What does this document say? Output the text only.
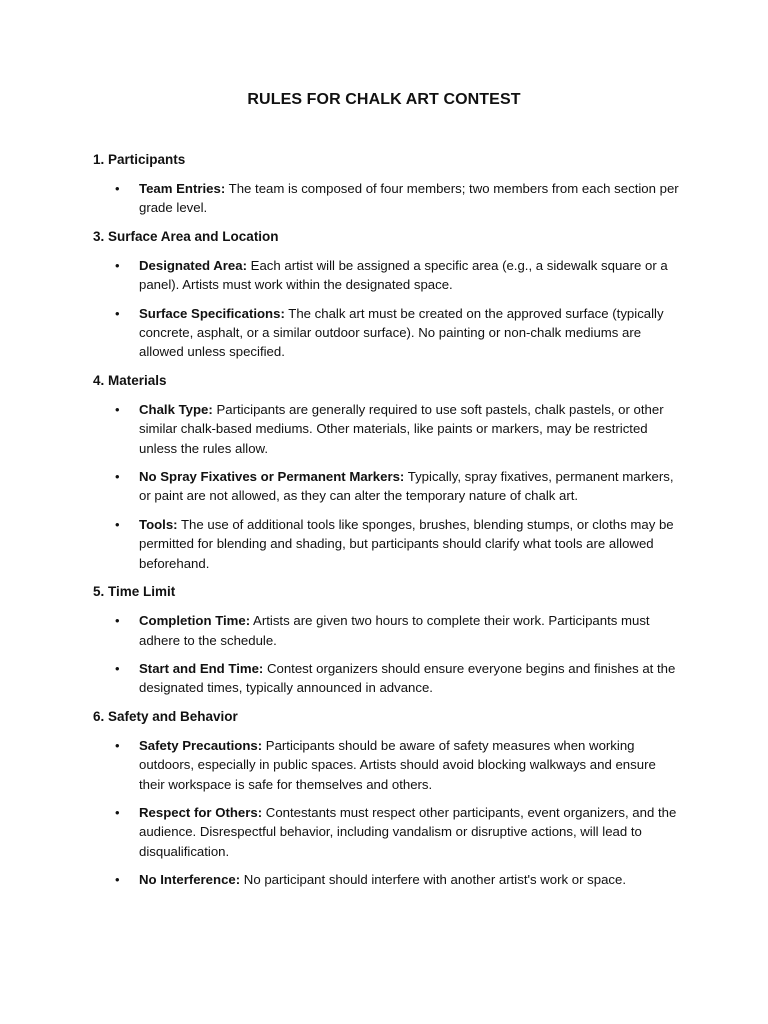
RULES FOR CHALK ART CONTEST

1. Participants

• Team Entries: The team is composed of four members; two members from each section per grade level.

3. Surface Area and Location

• Designated Area: Each artist will be assigned a specific area (e.g., a sidewalk square or a panel). Artists must work within the designated space.
• Surface Specifications: The chalk art must be created on the approved surface (typically concrete, asphalt, or a similar outdoor surface). No painting or non-chalk mediums are allowed unless specified.

4. Materials

• Chalk Type: Participants are generally required to use soft pastels, chalk pastels, or other similar chalk-based mediums. Other materials, like paints or markers, may be restricted unless the rules allow.
• No Spray Fixatives or Permanent Markers: Typically, spray fixatives, permanent markers, or paint are not allowed, as they can alter the temporary nature of chalk art.
• Tools: The use of additional tools like sponges, brushes, blending stumps, or cloths may be permitted for blending and shading, but participants should clarify what tools are allowed beforehand.

5. Time Limit

• Completion Time: Artists are given two hours to complete their work. Participants must adhere to the schedule.
• Start and End Time: Contest organizers should ensure everyone begins and finishes at the designated times, typically announced in advance.

6. Safety and Behavior

• Safety Precautions: Participants should be aware of safety measures when working outdoors, especially in public spaces. Artists should avoid blocking walkways and ensure their workspace is safe for themselves and others.
• Respect for Others: Contestants must respect other participants, event organizers, and the audience. Disrespectful behavior, including vandalism or disruptive actions, will lead to disqualification.
• No Interference: No participant should interfere with another artist's work or space.
